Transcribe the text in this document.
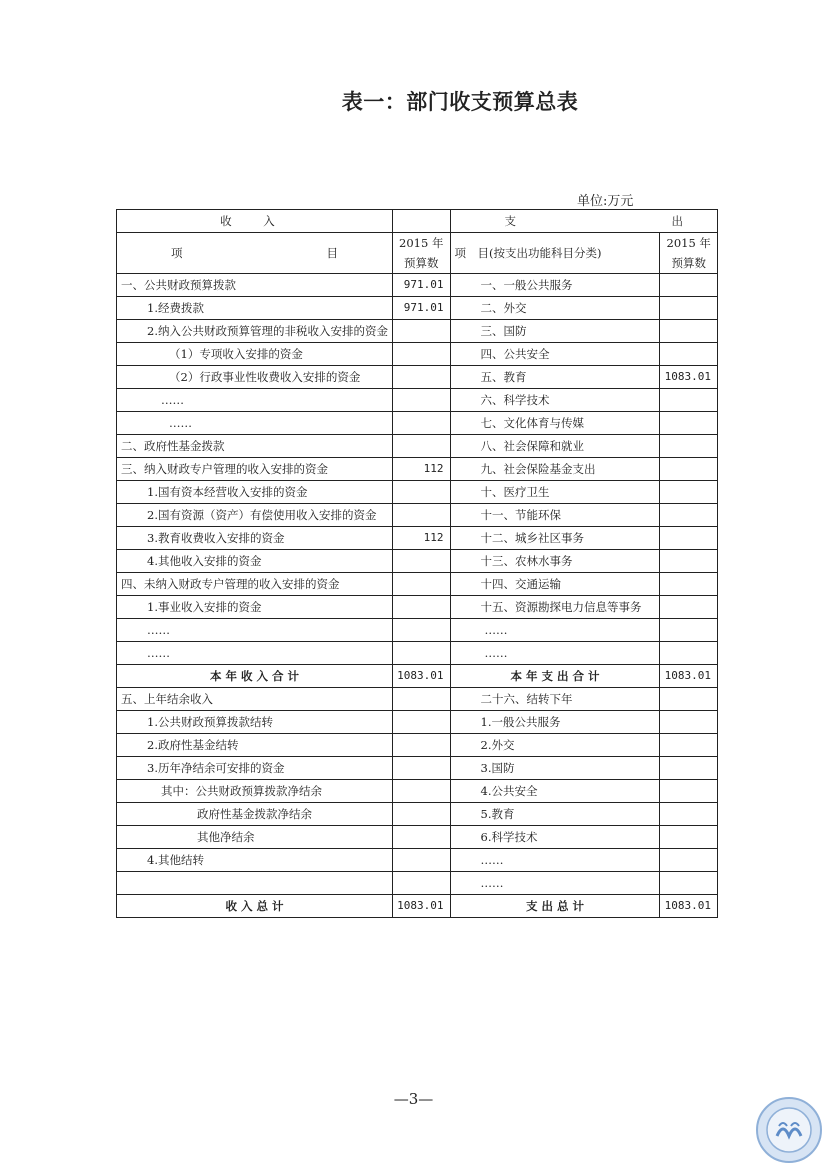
表一：部门收支预算总表
单位:万元
收 入		支 出	

项 目	2015 年预算数	项　目(按支出功能科目分类)	2015 年预算数
一、公共财政预算拨款	971.01	一、一般公共服务	
1.经费拨款	971.01	二、外交	
2.纳入公共财政预算管理的非税收入安排的资金		三、国防	
（1）专项收入安排的资金		四、公共安全	
（2）行政事业性收费收入安排的资金		五、教育	1083.01
……		六、科学技术	
……		七、文化体育与传媒	
二、政府性基金拨款		八、社会保障和就业	
三、纳入财政专户管理的收入安排的资金	112	九、社会保险基金支出	
1.国有资本经营收入安排的资金		十、医疗卫生	
2.国有资源（资产）有偿使用收入安排的资金		十一、节能环保	
3.教育收费收入安排的资金	112	十二、城乡社区事务	
4.其他收入安排的资金		十三、农林水事务	
四、未纳入财政专户管理的收入安排的资金		十四、交通运输	
1.事业收入安排的资金		十五、资源勘探电力信息等事务	
……		……	
……		……	
本 年 收 入 合 计	1083.01	本 年 支 出 合 计	1083.01
五、上年结余收入		二十六、结转下年	
1.公共财政预算拨款结转		1.一般公共服务	
2.政府性基金结转		2.外交	
3.历年净结余可安排的资金		3.国防	
其中：公共财政预算拨款净结余		4.公共安全	
政府性基金拨款净结余		5.教育	
其他净结余		6.科学技术	
4.其他结转		……	
		……	
收 入 总 计	1083.01	支 出 总 计	1083.01
—3—
